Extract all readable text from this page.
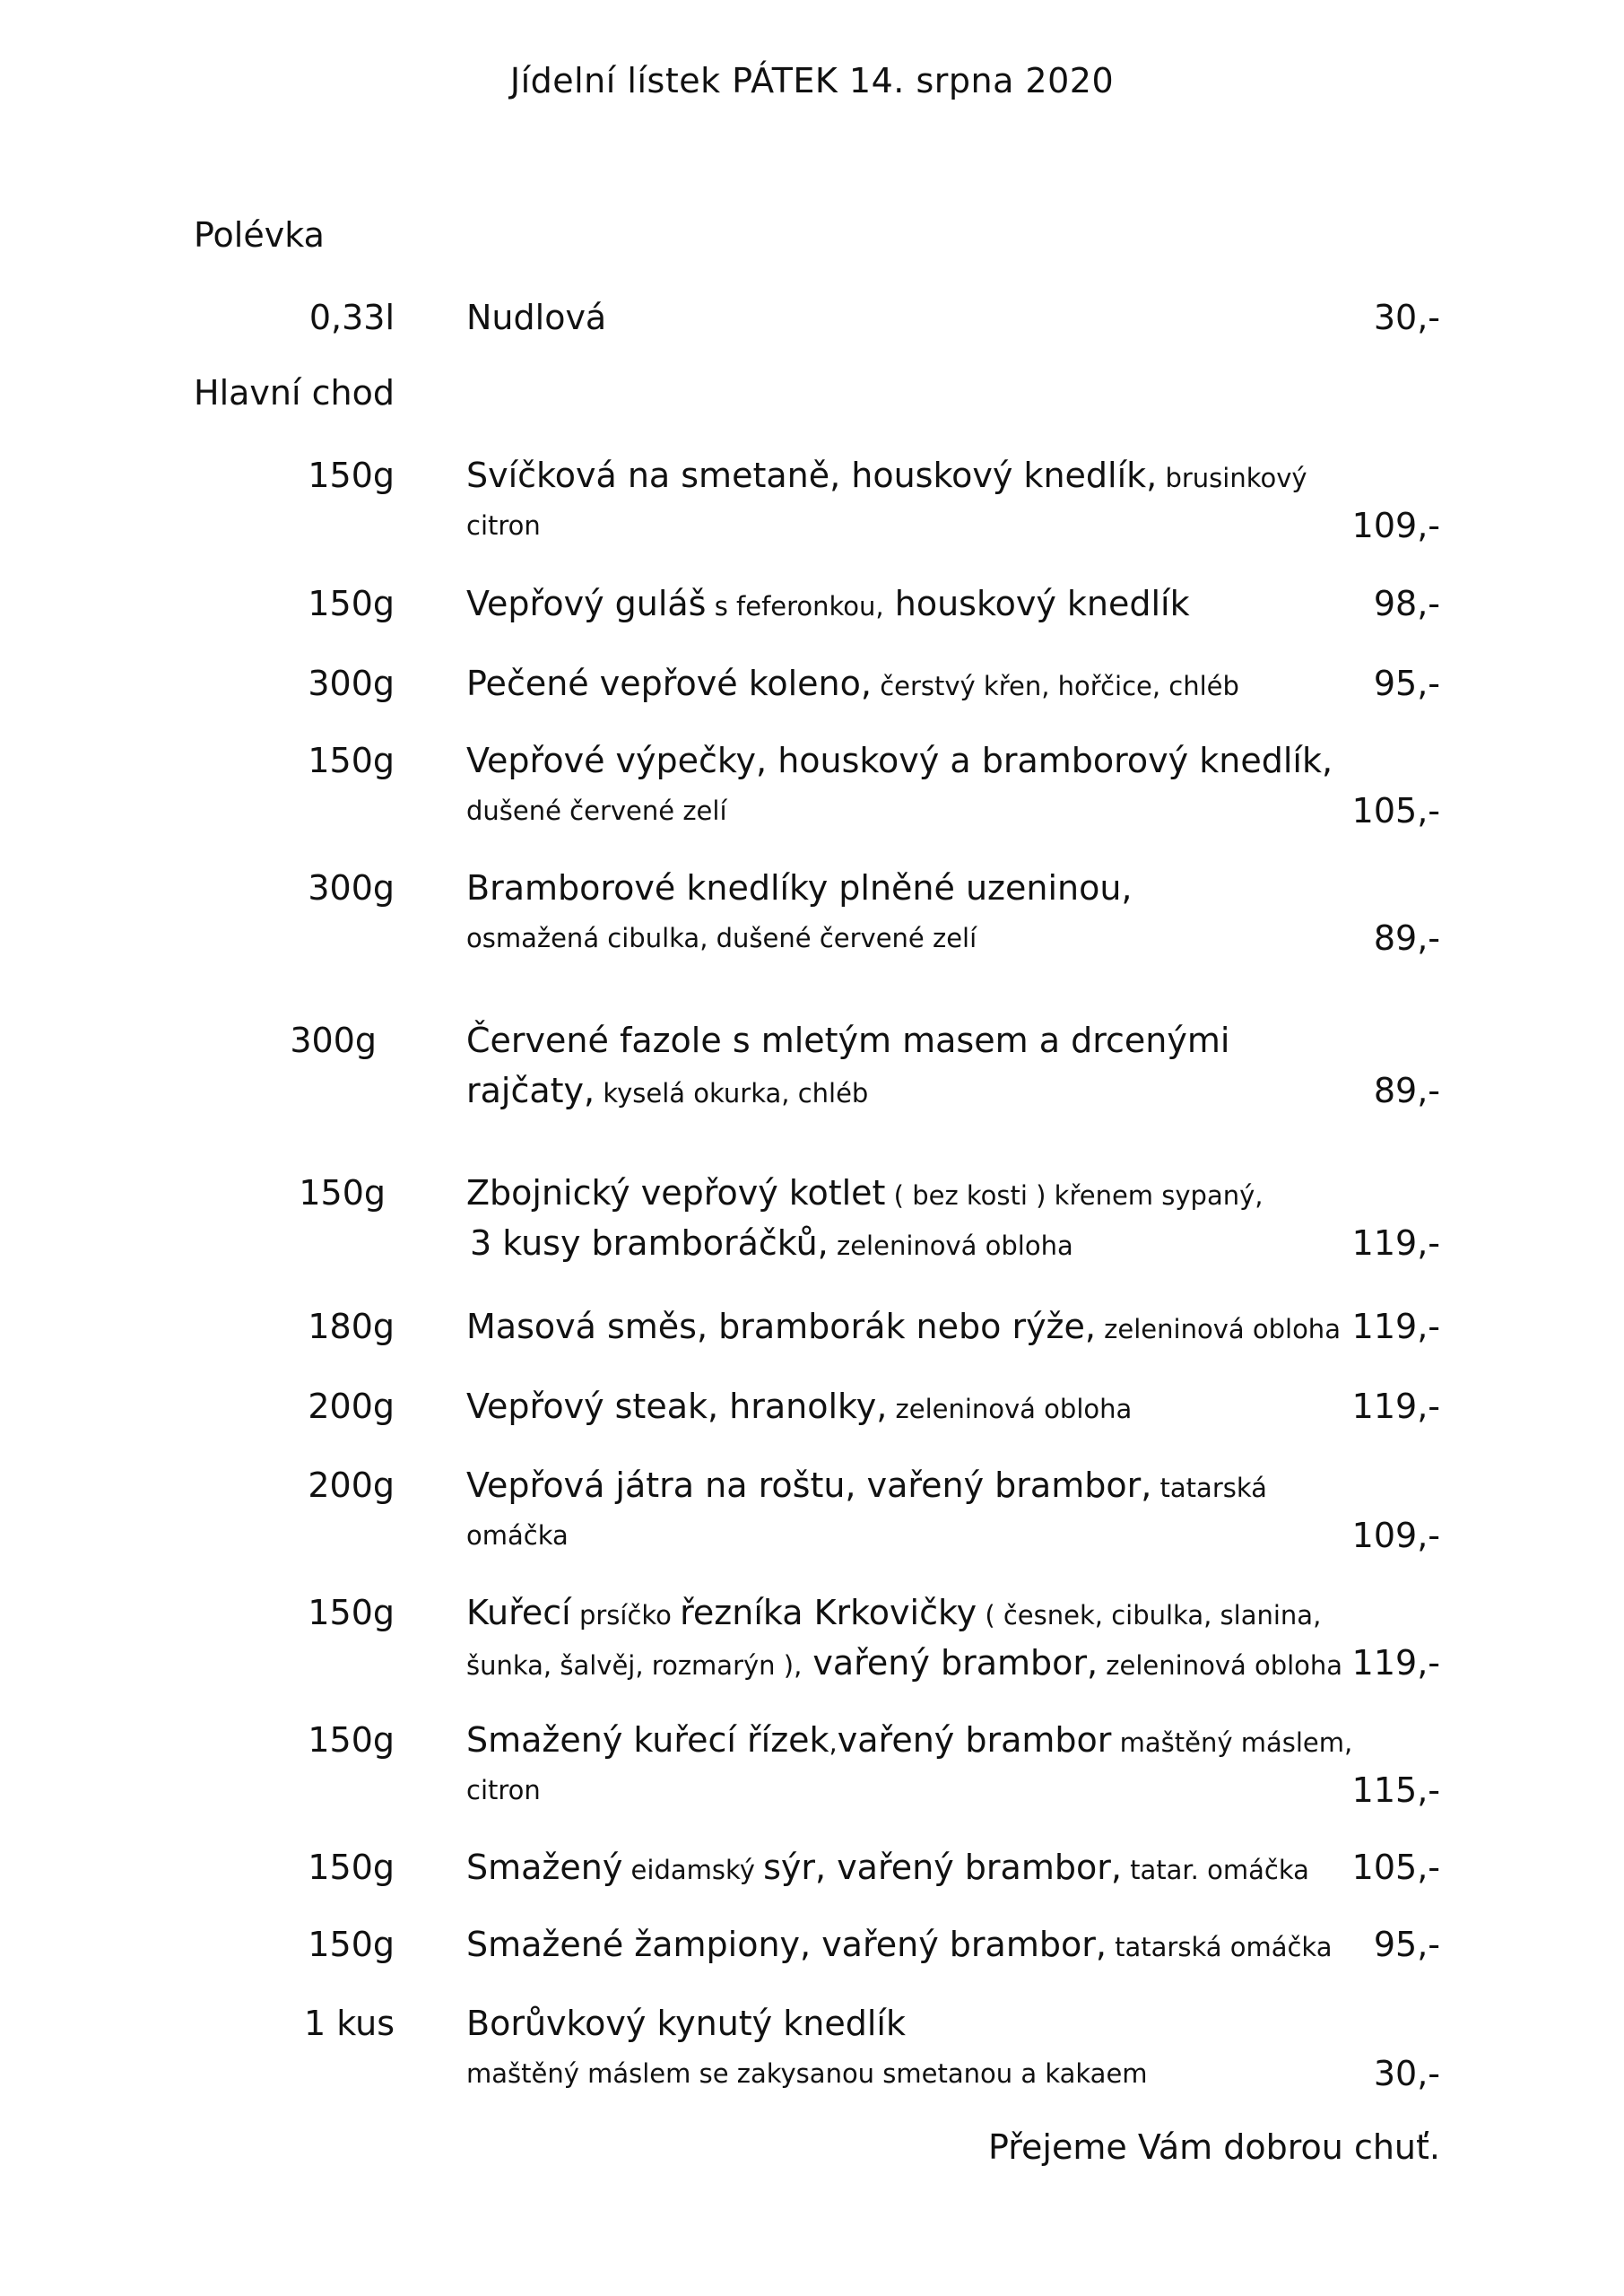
Jídelní lístek PÁTEK 14. srpna 2020
Polévka
0,33l Nudlová	30,-
Hlavní chod
150g Svíčková na smetaně, houskový knedlík, brusinkový
citron	109,-
150g Vepřový guláš s feferonkou, houskový knedlík	98,-
300g Pečené vepřové koleno, čerstvý křen, hořčice, chléb	95,-
150g Vepřové výpečky, houskový a bramborový knedlík,
dušené červené zelí	105,-
300g Bramborové knedlíky plněné uzeninou,
osmažená cibulka, dušené červené zelí	89,-
300g	Červené fazole s mletým masem a drcenými
rajčaty, kyselá okurka, chléb	89,-
150g Zbojnický vepřový kotlet ( bez kosti ) křenem sypaný,
3 kusy bramboráčků, zeleninová obloha	119,-
180g Masová směs, bramborák nebo rýže, zeleninová obloha 119,-
200g Vepřový steak, hranolky, zeleninová obloha	119,-
200g Vepřová játra na roštu, vařený brambor, tatarská
omáčka	109,-
150g Kuřecí prsíčko řezníka Krkovičky ( česnek, cibulka, slanina,
šunka, šalvěj, rozmarýn ), vařený brambor, zeleninová obloha 119,-
150g Smažený kuřecí řízek,vařený brambor maštěný máslem,
citron	115,-
150g Smažený eidamský sýr, vařený brambor, tatar. omáčka 105,-
150g Smažené žampiony, vařený brambor, tatarská omáčka 95,-
1 kus Borůvkový kynutý knedlík
maštěný máslem se zakysanou smetanou a kakaem	30,-
Přejeme Vám dobrou chuť.
